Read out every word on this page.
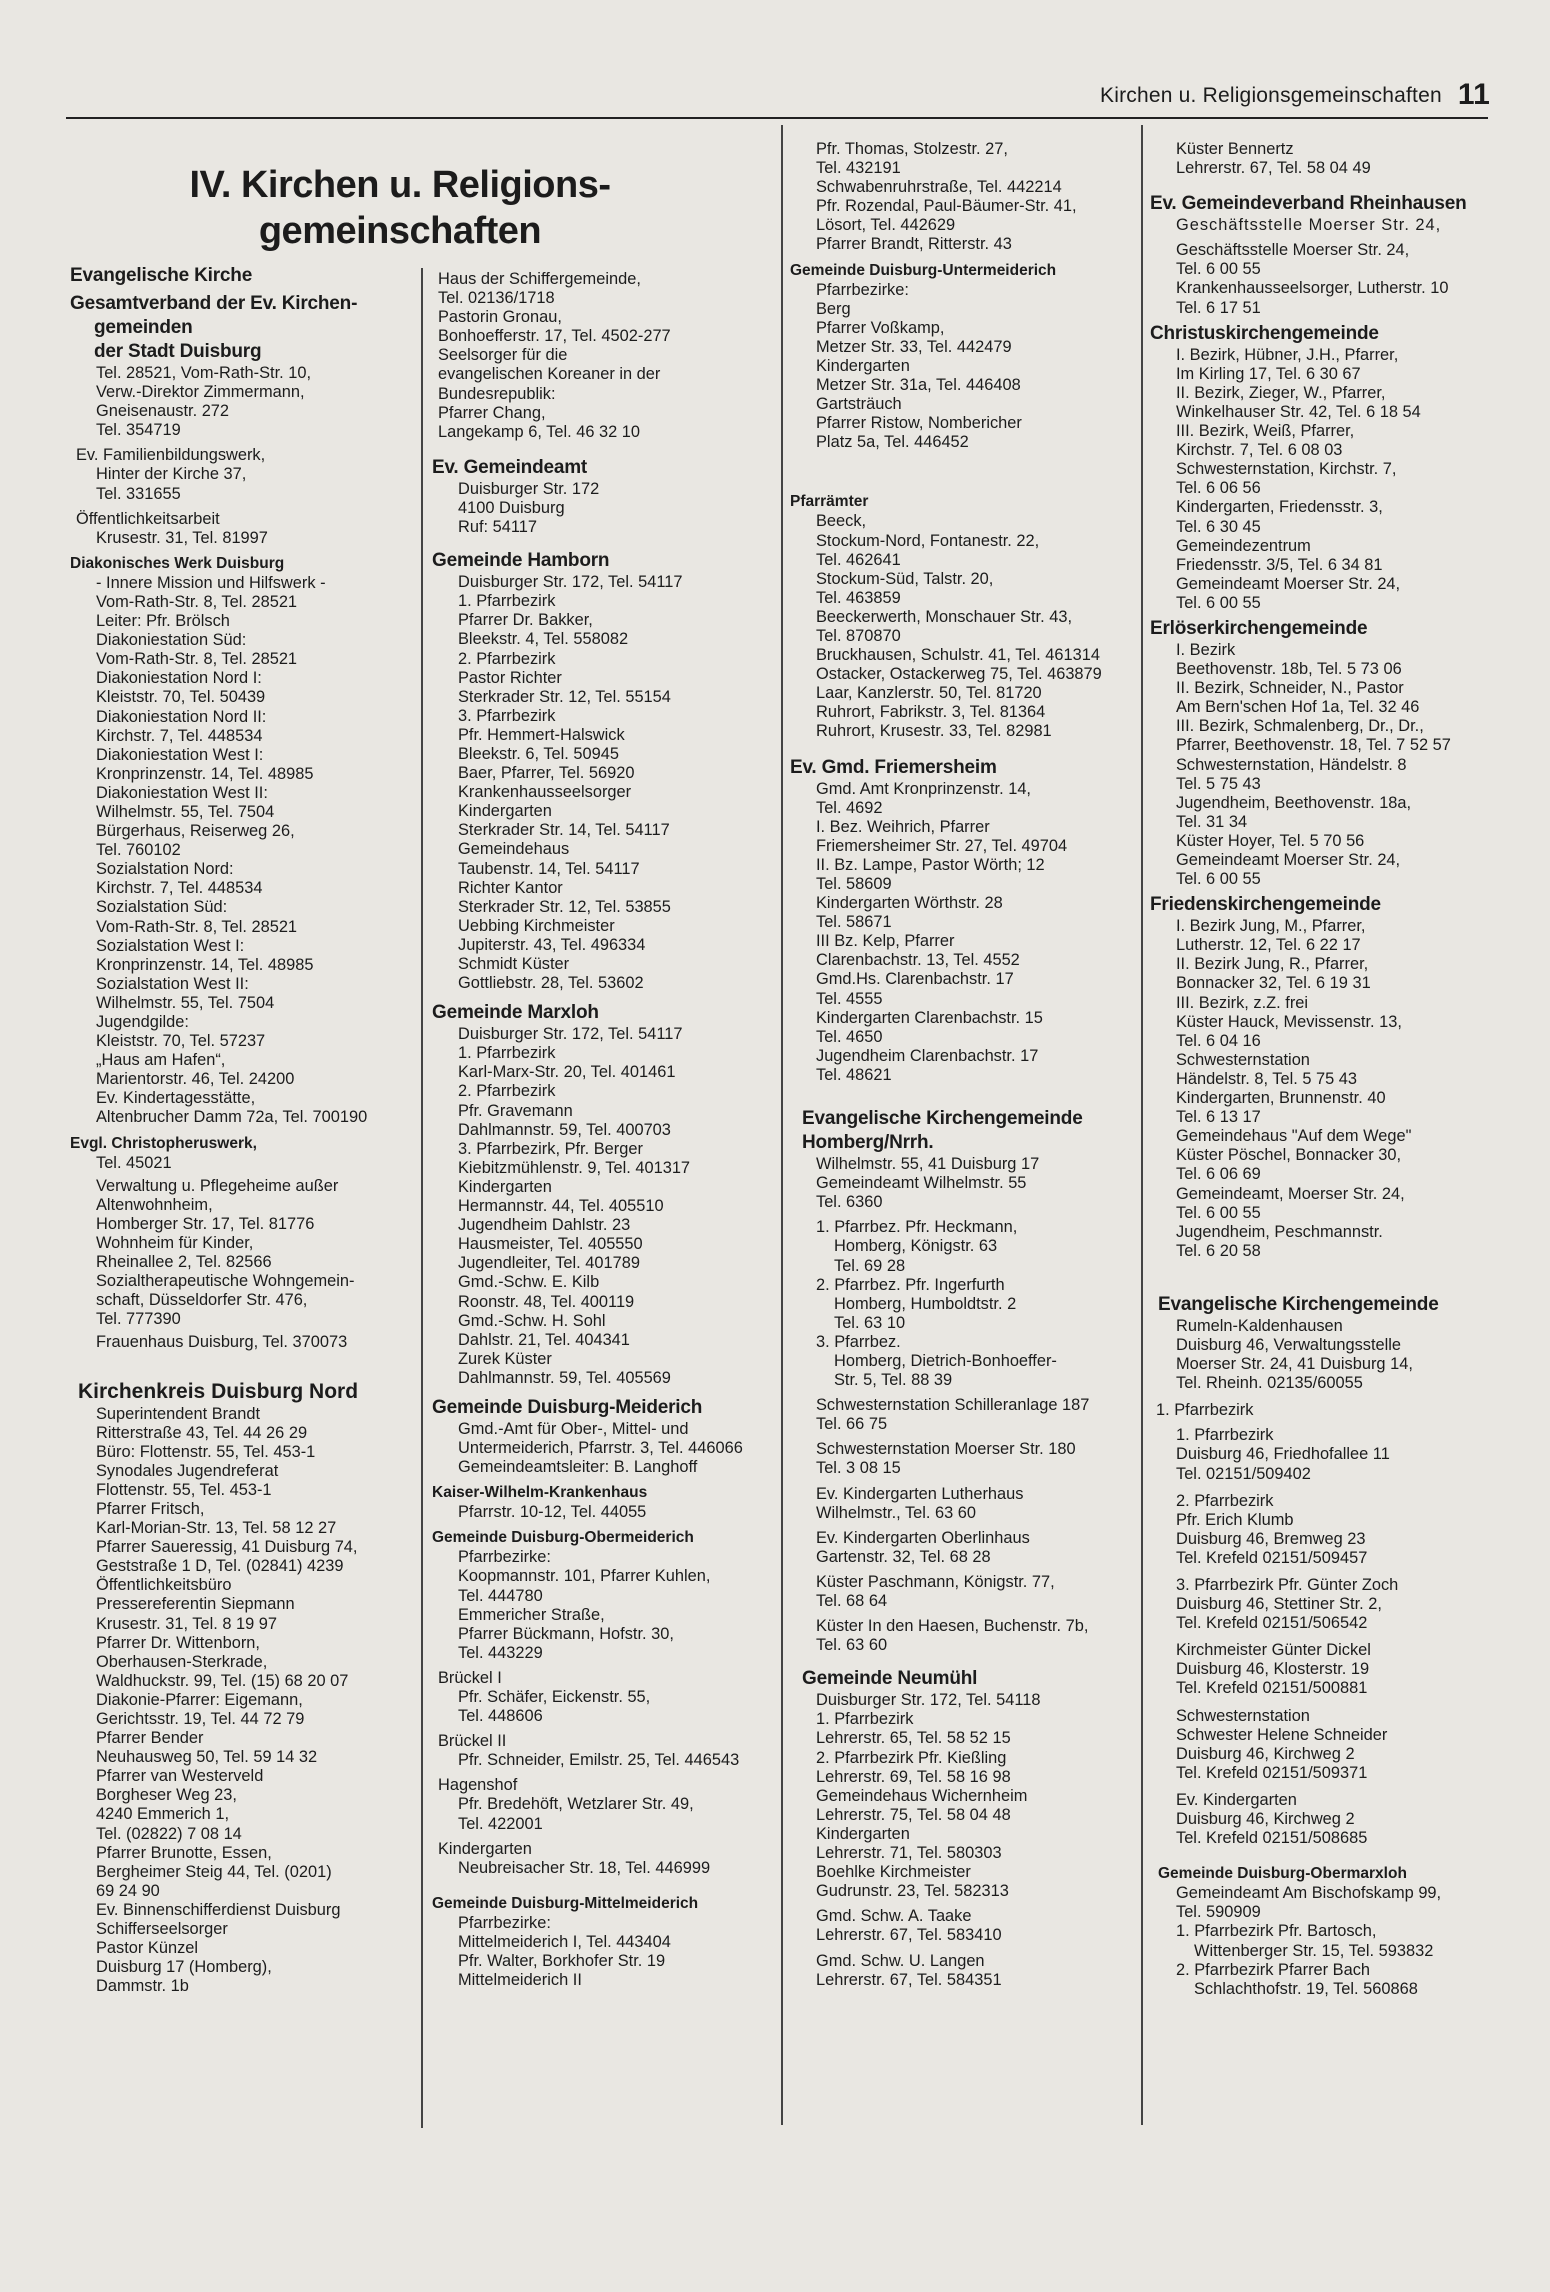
Kirchen u. Religionsgemeinschaften 11
IV. Kirchen u. Religions-
gemeinschaften
Evangelische Kirche
Gesamtverband der Ev. Kirchen-
gemeinden
der Stadt Duisburg
Tel. 28521, Vom-Rath-Str. 10,
Verw.-Direktor Zimmermann,
Gneisenaustr. 272
Tel. 354719
Ev. Familienbildungswerk,
Hinter der Kirche 37,
Tel. 331655
Öffentlichkeitsarbeit
Krusestr. 31, Tel. 81997
Diakonisches Werk Duisburg
- Innere Mission und Hilfswerk -
Vom-Rath-Str. 8, Tel. 28521
Leiter: Pfr. Brölsch
Diakoniestation Süd:
Vom-Rath-Str. 8, Tel. 28521
Diakoniestation Nord I:
Kleiststr. 70, Tel. 50439
Diakoniestation Nord II:
Kirchstr. 7, Tel. 448534
Diakoniestation West I:
Kronprinzenstr. 14, Tel. 48985
Diakoniestation West II:
Wilhelmstr. 55, Tel. 7504
Bürgerhaus, Reiserweg 26,
Tel. 760102
Sozialstation Nord:
Kirchstr. 7, Tel. 448534
Sozialstation Süd:
Vom-Rath-Str. 8, Tel. 28521
Sozialstation West I:
Kronprinzenstr. 14, Tel. 48985
Sozialstation West II:
Wilhelmstr. 55, Tel. 7504
Jugendgilde:
Kleiststr. 70, Tel. 57237
„Haus am Hafen“,
Marientorstr. 46, Tel. 24200
Ev. Kindertagesstätte,
Altenbrucher Damm 72a, Tel. 700190
Evgl. Christopheruswerk,
Tel. 45021
Verwaltung u. Pflegeheime außer
Altenwohnheim,
Homberger Str. 17, Tel. 81776
Wohnheim für Kinder,
Rheinallee 2, Tel. 82566
Sozialtherapeutische Wohngemein-
schaft, Düsseldorfer Str. 476,
Tel. 777390
Frauenhaus Duisburg, Tel. 370073
Kirchenkreis Duisburg Nord
Superintendent Brandt
Ritterstraße 43, Tel. 44 26 29
Büro: Flottenstr. 55, Tel. 453-1
Synodales Jugendreferat
Flottenstr. 55, Tel. 453-1
Pfarrer Fritsch,
Karl-Morian-Str. 13, Tel. 58 12 27
Pfarrer Saueressig, 41 Duisburg 74,
Geststraße 1 D, Tel. (02841) 4239
Öffentlichkeitsbüro
Pressereferentin Siepmann
Krusestr. 31, Tel. 8 19 97
Pfarrer Dr. Wittenborn,
Oberhausen-Sterkrade,
Waldhuckstr. 99, Tel. (15) 68 20 07
Diakonie-Pfarrer: Eigemann,
Gerichtsstr. 19, Tel. 44 72 79
Pfarrer Bender
Neuhausweg 50, Tel. 59 14 32
Pfarrer van Westerveld
Borgheser Weg 23,
4240 Emmerich 1,
Tel. (02822) 7 08 14
Pfarrer Brunotte, Essen,
Bergheimer Steig 44, Tel. (0201)
69 24 90
Ev. Binnenschifferdienst Duisburg
Schifferseelsorger
Pastor Künzel
Duisburg 17 (Homberg),
Dammstr. 1b
Haus der Schiffergemeinde,
Tel. 02136/1718
Pastorin Gronau,
Bonhoefferstr. 17, Tel. 4502-277
Seelsorger für die
evangelischen Koreaner in der
Bundesrepublik:
Pfarrer Chang,
Langekamp 6, Tel. 46 32 10
Ev. Gemeindeamt
Duisburger Str. 172
4100 Duisburg
Ruf: 54117
Gemeinde Hamborn
Duisburger Str. 172, Tel. 54117
1. Pfarrbezirk
Pfarrer Dr. Bakker,
Bleekstr. 4, Tel. 558082
2. Pfarrbezirk
Pastor Richter
Sterkrader Str. 12, Tel. 55154
3. Pfarrbezirk
Pfr. Hemmert-Halswick
Bleekstr. 6, Tel. 50945
Baer, Pfarrer, Tel. 56920
Krankenhausseelsorger
Kindergarten
Sterkrader Str. 14, Tel. 54117
Gemeindehaus
Taubenstr. 14, Tel. 54117
Richter Kantor
Sterkrader Str. 12, Tel. 53855
Uebbing Kirchmeister
Jupiterstr. 43, Tel. 496334
Schmidt Küster
Gottliebstr. 28, Tel. 53602
Gemeinde Marxloh
Duisburger Str. 172, Tel. 54117
1. Pfarrbezirk
Karl-Marx-Str. 20, Tel. 401461
2. Pfarrbezirk
Pfr. Gravemann
Dahlmannstr. 59, Tel. 400703
3. Pfarrbezirk, Pfr. Berger
Kiebitzmühlenstr. 9, Tel. 401317
Kindergarten
Hermannstr. 44, Tel. 405510
Jugendheim Dahlstr. 23
Hausmeister, Tel. 405550
Jugendleiter, Tel. 401789
Gmd.-Schw. E. Kilb
Roonstr. 48, Tel. 400119
Gmd.-Schw. H. Sohl
Dahlstr. 21, Tel. 404341
Zurek Küster
Dahlmannstr. 59, Tel. 405569
Gemeinde Duisburg-Meiderich
Gmd.-Amt für Ober-, Mittel- und
Untermeiderich, Pfarrstr. 3, Tel. 446066
Gemeindeamtsleiter: B. Langhoff
Kaiser-Wilhelm-Krankenhaus
Pfarrstr. 10-12, Tel. 44055
Gemeinde Duisburg-Obermeiderich
Pfarrbezirke:
Koopmannstr. 101, Pfarrer Kuhlen,
Tel. 444780
Emmericher Straße,
Pfarrer Bückmann, Hofstr. 30,
Tel. 443229
Brückel I
Pfr. Schäfer, Eickenstr. 55,
Tel. 448606
Brückel II
Pfr. Schneider, Emilstr. 25, Tel. 446543
Hagenshof
Pfr. Bredehöft, Wetzlarer Str. 49,
Tel. 422001
Kindergarten
Neubreisacher Str. 18, Tel. 446999
Gemeinde Duisburg-Mittelmeiderich
Pfarrbezirke:
Mittelmeiderich I, Tel. 443404
Pfr. Walter, Borkhofer Str. 19
Mittelmeiderich II
Pfr. Thomas, Stolzestr. 27,
Tel. 432191
Schwabenruhrstraße, Tel. 442214
Pfr. Rozendal, Paul-Bäumer-Str. 41,
Lösort, Tel. 442629
Pfarrer Brandt, Ritterstr. 43
Gemeinde Duisburg-Untermeiderich
Pfarrbezirke:
Berg
Pfarrer Voßkamp,
Metzer Str. 33, Tel. 442479
Kindergarten
Metzer Str. 31a, Tel. 446408
Gartsträuch
Pfarrer Ristow, Nombericher
Platz 5a, Tel. 446452
Pfarrämter
Beeck,
Stockum-Nord, Fontanestr. 22,
Tel. 462641
Stockum-Süd, Talstr. 20,
Tel. 463859
Beeckerwerth, Monschauer Str. 43,
Tel. 870870
Bruckhausen, Schulstr. 41, Tel. 461314
Ostacker, Ostackerweg 75, Tel. 463879
Laar, Kanzlerstr. 50, Tel. 81720
Ruhrort, Fabrikstr. 3, Tel. 81364
Ruhrort, Krusestr. 33, Tel. 82981
Ev. Gmd. Friemersheim
Gmd. Amt Kronprinzenstr. 14,
Tel. 4692
I. Bez. Weihrich, Pfarrer
Friemersheimer Str. 27, Tel. 49704
II. Bz. Lampe, Pastor Wörth; 12
Tel. 58609
Kindergarten Wörthstr. 28
Tel. 58671
III Bz. Kelp, Pfarrer
Clarenbachstr. 13, Tel. 4552
Gmd.Hs. Clarenbachstr. 17
Tel. 4555
Kindergarten Clarenbachstr. 15
Tel. 4650
Jugendheim Clarenbachstr. 17
Tel. 48621
Evangelische Kirchengemeinde
Homberg/Nrrh.
Wilhelmstr. 55, 41 Duisburg 17
Gemeindeamt Wilhelmstr. 55
Tel. 6360
1. Pfarrbez. Pfr. Heckmann,
Homberg, Königstr. 63
Tel. 69 28
2. Pfarrbez. Pfr. Ingerfurth
Homberg, Humboldtstr. 2
Tel. 63 10
3. Pfarrbez.
Homberg, Dietrich-Bonhoeffer-
Str. 5, Tel. 88 39
Schwesternstation Schilleranlage 187
Tel. 66 75
Schwesternstation Moerser Str. 180
Tel. 3 08 15
Ev. Kindergarten Lutherhaus
Wilhelmstr., Tel. 63 60
Ev. Kindergarten Oberlinhaus
Gartenstr. 32, Tel. 68 28
Küster Paschmann, Königstr. 77,
Tel. 68 64
Küster In den Haesen, Buchenstr. 7b,
Tel. 63 60
Gemeinde Neumühl
Duisburger Str. 172, Tel. 54118
1. Pfarrbezirk
Lehrerstr. 65, Tel. 58 52 15
2. Pfarrbezirk Pfr. Kießling
Lehrerstr. 69, Tel. 58 16 98
Gemeindehaus Wichernheim
Lehrerstr. 75, Tel. 58 04 48
Kindergarten
Lehrerstr. 71, Tel. 580303
Boehlke Kirchmeister
Gudrunstr. 23, Tel. 582313
Gmd. Schw. A. Taake
Lehrerstr. 67, Tel. 583410
Gmd. Schw. U. Langen
Lehrerstr. 67, Tel. 584351
Küster Bennertz
Lehrerstr. 67, Tel. 58 04 49
Ev. Gemeindeverband Rheinhausen
Geschäftsstelle Moerser Str. 24,
Geschäftsstelle Moerser Str. 24,
Tel. 6 00 55
Krankenhausseelsorger, Lutherstr. 10
Tel. 6 17 51
Christuskirchengemeinde
I. Bezirk, Hübner, J.H., Pfarrer,
Im Kirling 17, Tel. 6 30 67
II. Bezirk, Zieger, W., Pfarrer,
Winkelhauser Str. 42, Tel. 6 18 54
III. Bezirk, Weiß, Pfarrer,
Kirchstr. 7, Tel. 6 08 03
Schwesternstation, Kirchstr. 7,
Tel. 6 06 56
Kindergarten, Friedensstr. 3,
Tel. 6 30 45
Gemeindezentrum
Friedensstr. 3/5, Tel. 6 34 81
Gemeindeamt Moerser Str. 24,
Tel. 6 00 55
Erlöserkirchengemeinde
I. Bezirk
Beethovenstr. 18b, Tel. 5 73 06
II. Bezirk, Schneider, N., Pastor
Am Bern'schen Hof 1a, Tel. 32 46
III. Bezirk, Schmalenberg, Dr., Dr.,
Pfarrer, Beethovenstr. 18, Tel. 7 52 57
Schwesternstation, Händelstr. 8
Tel. 5 75 43
Jugendheim, Beethovenstr. 18a,
Tel. 31 34
Küster Hoyer, Tel. 5 70 56
Gemeindeamt Moerser Str. 24,
Tel. 6 00 55
Friedenskirchengemeinde
I. Bezirk Jung, M., Pfarrer,
Lutherstr. 12, Tel. 6 22 17
II. Bezirk Jung, R., Pfarrer,
Bonnacker 32, Tel. 6 19 31
III. Bezirk, z.Z. frei
Küster Hauck, Mevissenstr. 13,
Tel. 6 04 16
Schwesternstation
Händelstr. 8, Tel. 5 75 43
Kindergarten, Brunnenstr. 40
Tel. 6 13 17
Gemeindehaus "Auf dem Wege"
Küster Pöschel, Bonnacker 30,
Tel. 6 06 69
Gemeindeamt, Moerser Str. 24,
Tel. 6 00 55
Jugendheim, Peschmannstr.
Tel. 6 20 58
Evangelische Kirchengemeinde
Rumeln-Kaldenhausen
Duisburg 46, Verwaltungsstelle
Moerser Str. 24, 41 Duisburg 14,
Tel. Rheinh. 02135/60055
1. Pfarrbezirk
1. Pfarrbezirk
Duisburg 46, Friedhofallee 11
Tel. 02151/509402
2. Pfarrbezirk
Pfr. Erich Klumb
Duisburg 46, Bremweg 23
Tel. Krefeld 02151/509457
3. Pfarrbezirk Pfr. Günter Zoch
Duisburg 46, Stettiner Str. 2,
Tel. Krefeld 02151/506542
Kirchmeister Günter Dickel
Duisburg 46, Klosterstr. 19
Tel. Krefeld 02151/500881
Schwesternstation
Schwester Helene Schneider
Duisburg 46, Kirchweg 2
Tel. Krefeld 02151/509371
Ev. Kindergarten
Duisburg 46, Kirchweg 2
Tel. Krefeld 02151/508685
Gemeinde Duisburg-Obermarxloh
Gemeindeamt Am Bischofskamp 99,
Tel. 590909
1. Pfarrbezirk Pfr. Bartosch,
Wittenberger Str. 15, Tel. 593832
2. Pfarrbezirk Pfarrer Bach
Schlachthofstr. 19, Tel. 560868
